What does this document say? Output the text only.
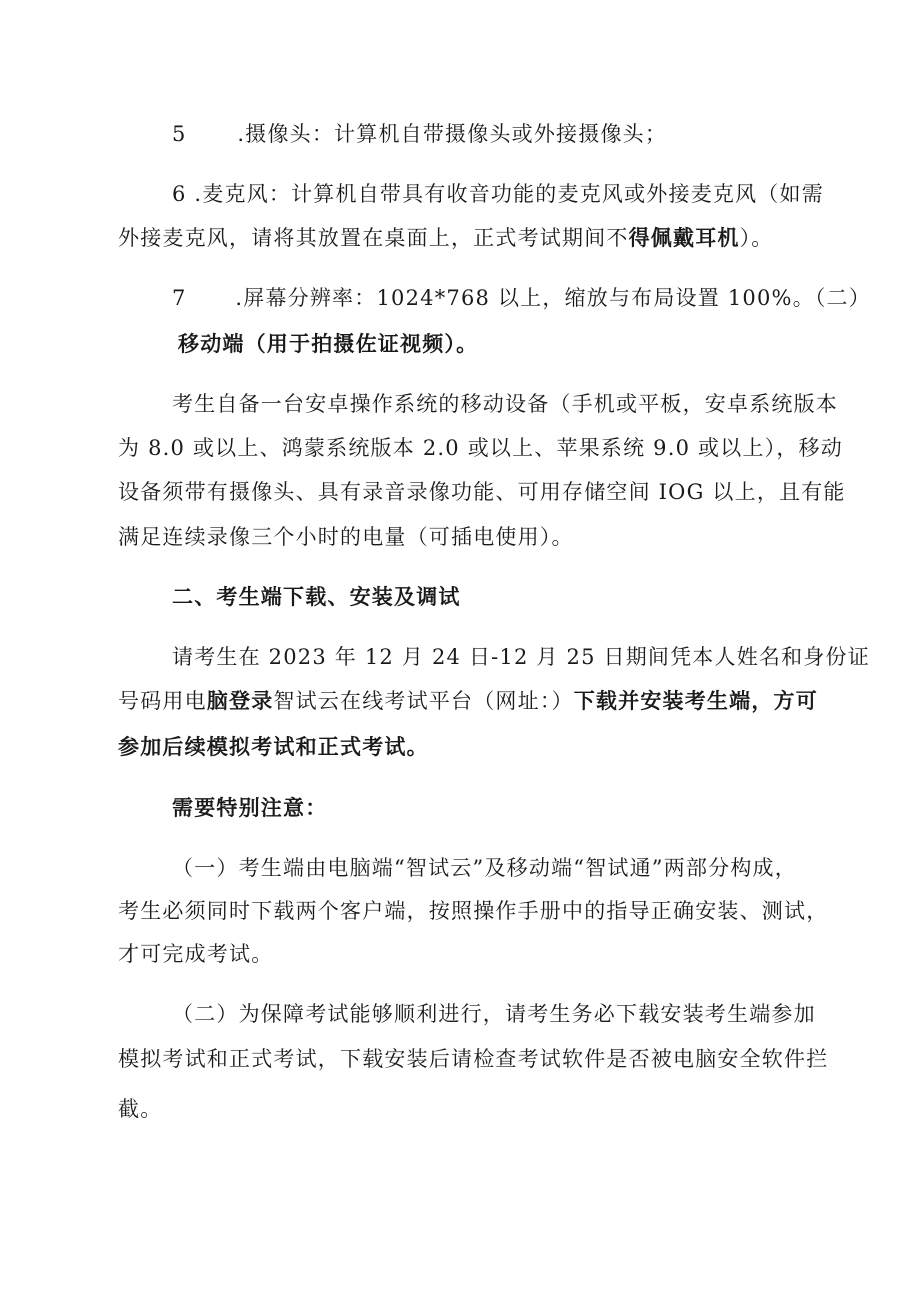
5 .摄像头：计算机自带摄像头或外接摄像头；
6 .麦克风：计算机自带具有收音功能的麦克风或外接麦克风（如需
外接麦克风，请将其放置在桌面上，正式考试期间不得佩戴耳机）。
7 .屏幕分辨率：1024*768 以上，缩放与布局设置 100%。（二）
移动端（用于拍摄佐证视频）。
考生自备一台安卓操作系统的移动设备（手机或平板，安卓系统版本
为 8.0 或以上、鸿蒙系统版本 2.0 或以上、苹果系统 9.0 或以上），移动
设备须带有摄像头、具有录音录像功能、可用存储空间 IOG 以上，且有能
满足连续录像三个小时的电量（可插电使用）。
二、考生端下载、安装及调试
请考生在 2023 年 12 月 24 日-12 月 25 日期间凭本人姓名和身份证
号码用电脑登录智试云在线考试平台（网址：）下载并安装考生端，方可
参加后续模拟考试和正式考试。
需要特别注意：
（一）考生端由电脑端“智试云”及移动端“智试通”两部分构成，
考生必须同时下载两个客户端，按照操作手册中的指导正确安装、测试，
才可完成考试。
（二）为保障考试能够顺利进行，请考生务必下载安装考生端参加
模拟考试和正式考试，下载安装后请检查考试软件是否被电脑安全软件拦
截。
